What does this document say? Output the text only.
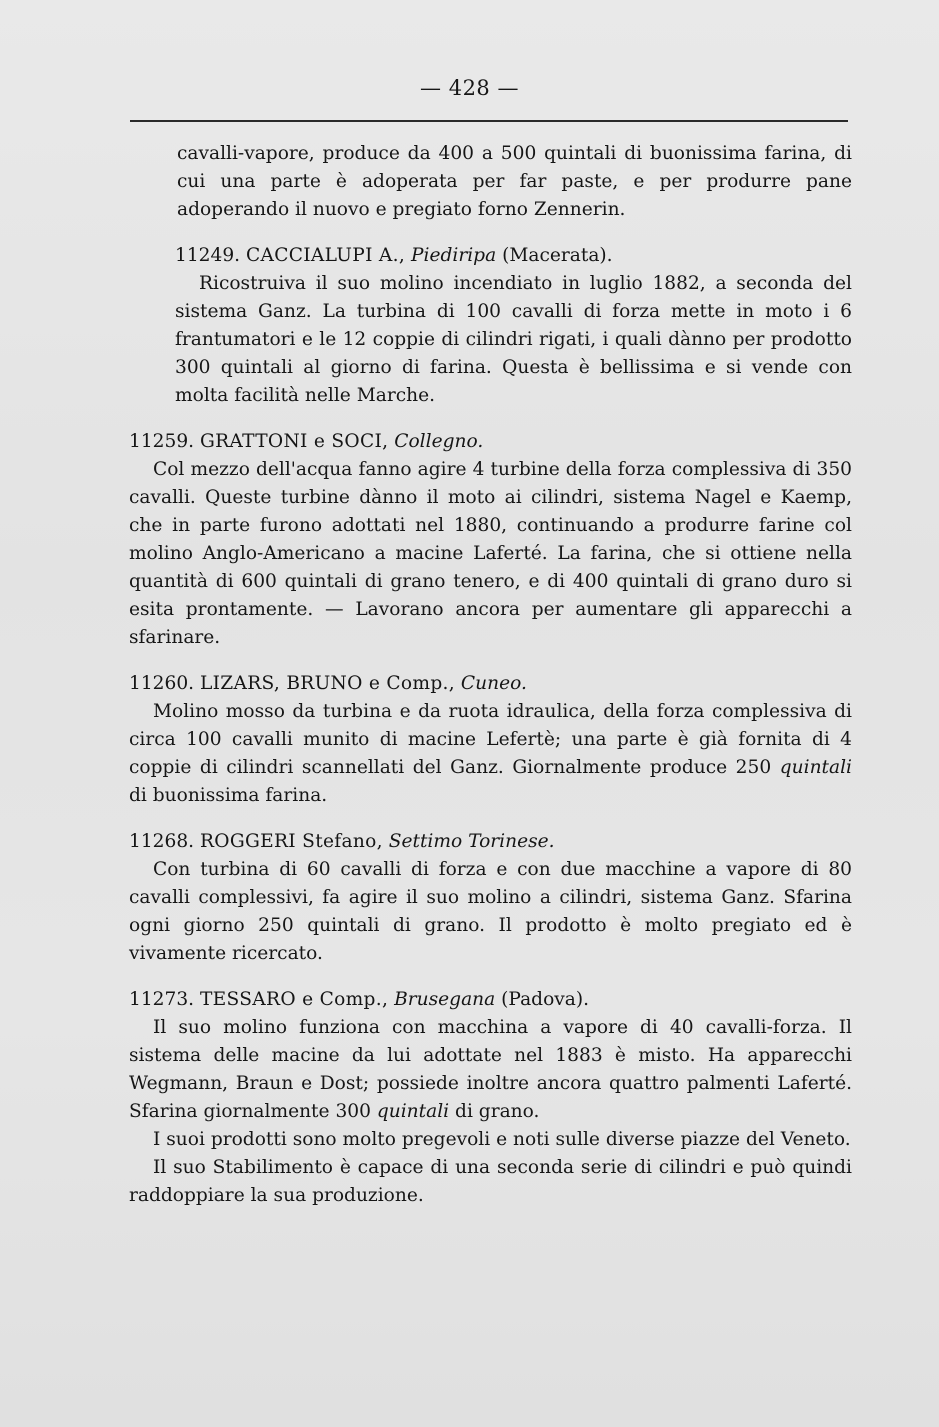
— 428 —

cavalli-vapore, produce da 400 a 500 quintali di buonissima farina, di cui una parte è adoperata per far paste, e per produrre pane adoperando il nuovo e pregiato forno Zennerin.

11249. CACCIALUPI A., Piediripa (Macerata).

Ricostruiva il suo molino incendiato in luglio 1882, a seconda del sistema Ganz. La turbina di 100 cavalli di forza mette in moto i 6 frantumatori e le 12 coppie di cilindri rigati, i quali dànno per prodotto 300 quintali al giorno di farina. Questa è bellissima e si vende con molta facilità nelle Marche.

11259. GRATTONI e SOCI, Collegno.

Col mezzo dell'acqua fanno agire 4 turbine della forza complessiva di 350 cavalli. Queste turbine dànno il moto ai cilindri, sistema Nagel e Kaemp, che in parte furono adottati nel 1880, continuando a produrre farine col molino Anglo-Americano a macine Laferté. La farina, che si ottiene nella quantità di 600 quintali di grano tenero, e di 400 quintali di grano duro si esita prontamente. — Lavorano ancora per aumentare gli apparecchi a sfarinare.

11260. LIZARS, BRUNO e Comp., Cuneo.

Molino mosso da turbina e da ruota idraulica, della forza complessiva di circa 100 cavalli munito di macine Lefertè; una parte è già fornita di 4 coppie di cilindri scannellati del Ganz. Giornalmente produce 250 quintali di buonissima farina.

11268. ROGGERI Stefano, Settimo Torinese.

Con turbina di 60 cavalli di forza e con due macchine a vapore di 80 cavalli complessivi, fa agire il suo molino a cilindri, sistema Ganz. Sfarina ogni giorno 250 quintali di grano. Il prodotto è molto pregiato ed è vivamente ricercato.

11273. TESSARO e Comp., Brusegana (Padova).

Il suo molino funziona con macchina a vapore di 40 cavalli-forza. Il sistema delle macine da lui adottate nel 1883 è misto. Ha apparecchi Wegmann, Braun e Dost; possiede inoltre ancora quattro palmenti Laferté. Sfarina giornalmente 300 quintali di grano.

I suoi prodotti sono molto pregevoli e noti sulle diverse piazze del Veneto.

Il suo Stabilimento è capace di una seconda serie di cilindri e può quindi raddoppiare la sua produzione.
